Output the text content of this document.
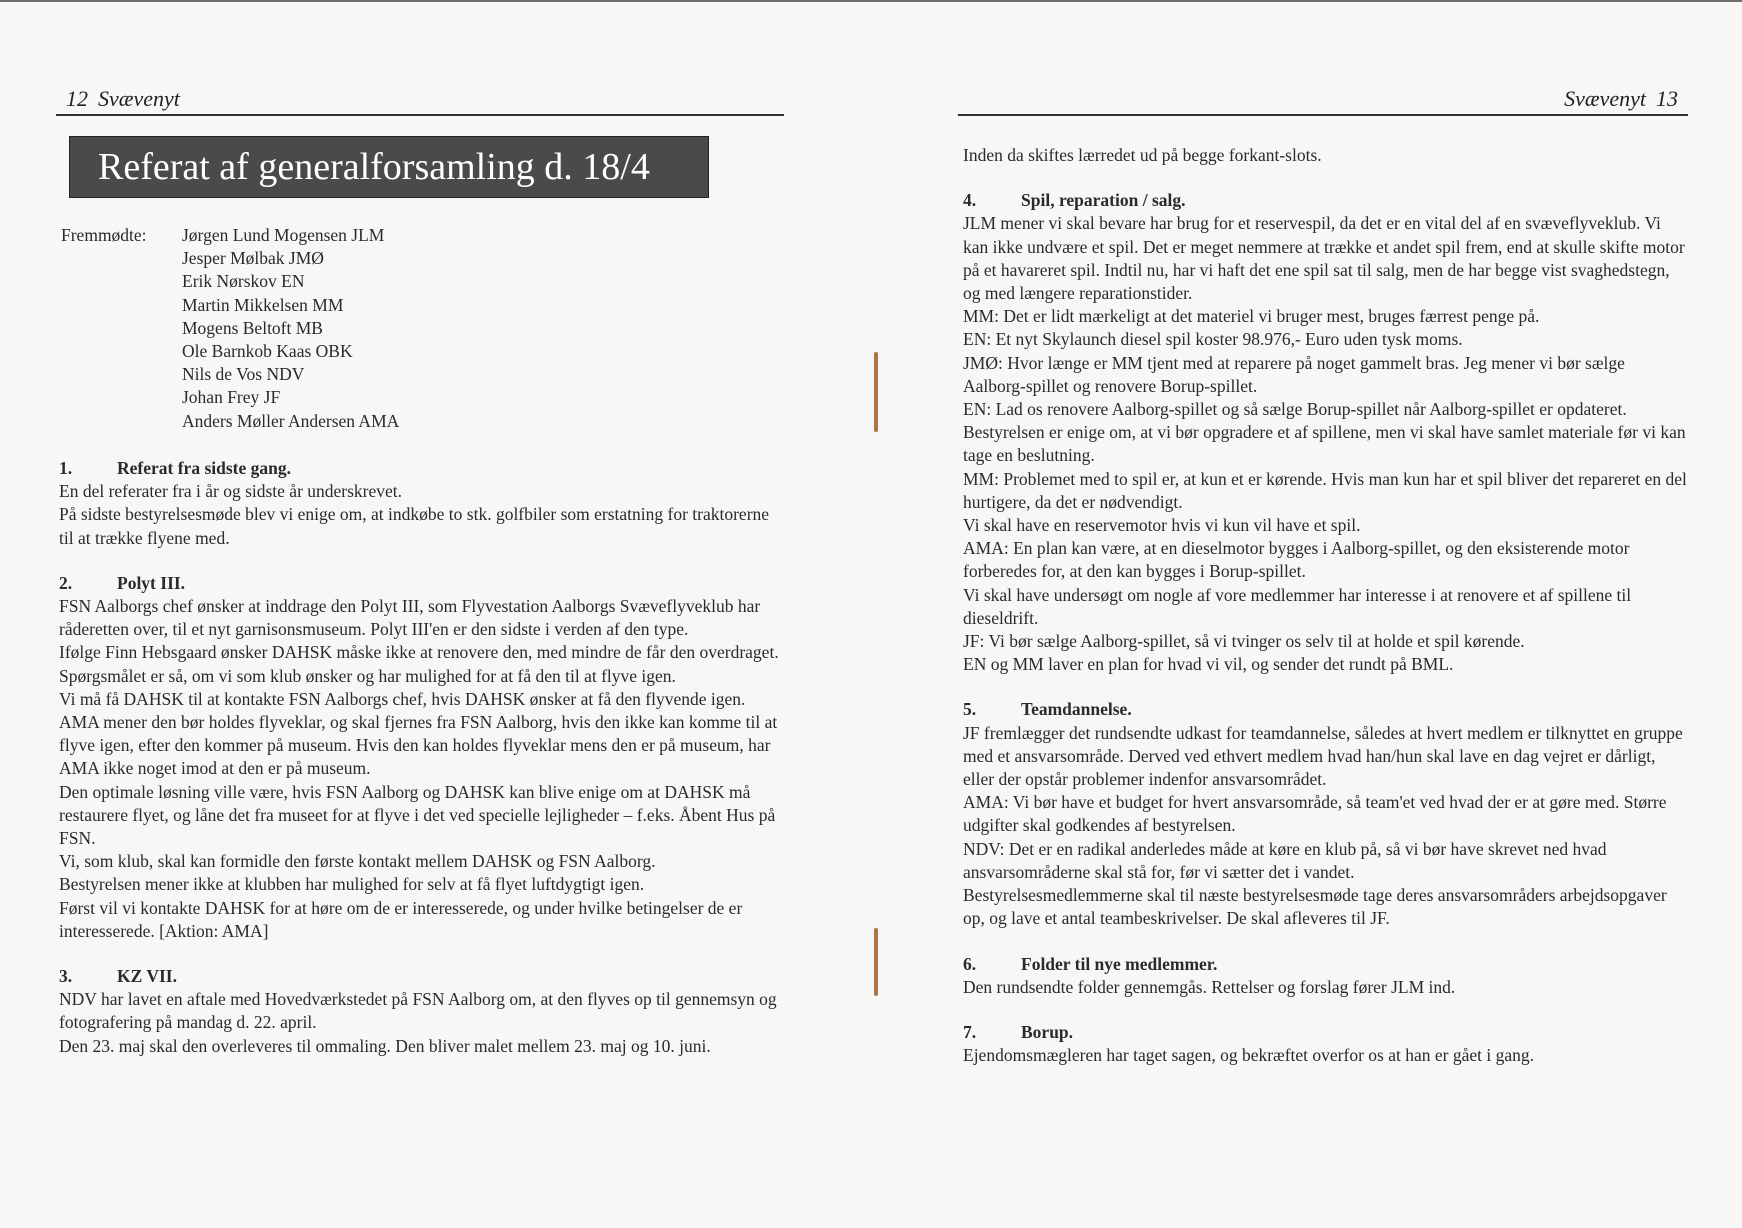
12 Svævenyt
Referat af generalforsamling d. 18/4
Fremmødte:	Jørgen Lund Mogensen JLM
Jesper Mølbak JMØ
Erik Nørskov EN
Martin Mikkelsen MM
Mogens Beltoft MB
Ole Barnkob Kaas OBK
Nils de Vos NDV
Johan Frey JF
Anders Møller Andersen AMA

1.	Referat fra sidste gang.

En del referater fra i år og sidste år underskrevet.

På sidste bestyrelsesmøde blev vi enige om, at indkøbe to stk. golfbiler som erstatning for traktorerne til at trække flyene med.

2.	Polyt III.

FSN Aalborgs chef ønsker at inddrage den Polyt III, som Flyvestation Aalborgs Svæveflyveklub har råderetten over, til et nyt garnisonsmuseum. Polyt III'en er den sidste i verden af den type.

Ifølge Finn Hebsgaard ønsker DAHSK måske ikke at renovere den, med mindre de får den overdraget.

Spørgsmålet er så, om vi som klub ønsker og har mulighed for at få den til at flyve igen.

Vi må få DAHSK til at kontakte FSN Aalborgs chef, hvis DAHSK ønsker at få den flyvende igen.

AMA mener den bør holdes flyveklar, og skal fjernes fra FSN Aalborg, hvis den ikke kan komme til at flyve igen, efter den kommer på museum. Hvis den kan holdes flyveklar mens den er på museum, har AMA ikke noget imod at den er på museum.

Den optimale løsning ville være, hvis FSN Aalborg og DAHSK kan blive enige om at DAHSK må restaurere flyet, og låne det fra museet for at flyve i det ved specielle lejligheder – f.eks. Åbent Hus på FSN.

Vi, som klub, skal kan formidle den første kontakt mellem DAHSK og FSN Aalborg.

Bestyrelsen mener ikke at klubben har mulighed for selv at få flyet luftdygtigt igen.

Først vil vi kontakte DAHSK for at høre om de er interesserede, og under hvilke betingelser de er interesserede. [Aktion: AMA]

3.	KZ VII.

NDV har lavet en aftale med Hovedværkstedet på FSN Aalborg om, at den flyves op til gennemsyn og fotografering på mandag d. 22. april.

Den 23. maj skal den overleveres til ommaling. Den bliver malet mellem 23. maj og 10. juni.

Svævenyt 13

Inden da skiftes lærredet ud på begge forkant-slots.

4.	Spil, reparation / salg.

JLM mener vi skal bevare har brug for et reservespil, da det er en vital del af en svæveflyveklub. Vi kan ikke undvære et spil. Det er meget nemmere at trække et andet spil frem, end at skulle skifte motor på et havareret spil. Indtil nu, har vi haft det ene spil sat til salg, men de har begge vist svaghedstegn, og med længere reparationstider.

MM: Det er lidt mærkeligt at det materiel vi bruger mest, bruges færrest penge på.

EN: Et nyt Skylaunch diesel spil koster 98.976,- Euro uden tysk moms.

JMØ: Hvor længe er MM tjent med at reparere på noget gammelt bras. Jeg mener vi bør sælge Aalborg-spillet og renovere Borup-spillet.

EN: Lad os renovere Aalborg-spillet og så sælge Borup-spillet når Aalborg-spillet er opdateret.

Bestyrelsen er enige om, at vi bør opgradere et af spillene, men vi skal have samlet materiale før vi kan tage en beslutning.

MM: Problemet med to spil er, at kun et er kørende. Hvis man kun har et spil bliver det repareret en del hurtigere, da det er nødvendigt.

Vi skal have en reservemotor hvis vi kun vil have et spil.

AMA: En plan kan være, at en dieselmotor bygges i Aalborg-spillet, og den eksisterende motor forberedes for, at den kan bygges i Borup-spillet.

Vi skal have undersøgt om nogle af vore medlemmer har interesse i at renovere et af spillene til dieseldrift.

JF: Vi bør sælge Aalborg-spillet, så vi tvinger os selv til at holde et spil kørende.

EN og MM laver en plan for hvad vi vil, og sender det rundt på BML.

5.	Teamdannelse.

JF fremlægger det rundsendte udkast for teamdannelse, således at hvert medlem er tilknyttet en gruppe med et ansvarsområde. Derved ved ethvert medlem hvad han/hun skal lave en dag vejret er dårligt, eller der opstår problemer indenfor ansvarsområdet.

AMA: Vi bør have et budget for hvert ansvarsområde, så team'et ved hvad der er at gøre med. Større udgifter skal godkendes af bestyrelsen.

NDV: Det er en radikal anderledes måde at køre en klub på, så vi bør have skrevet ned hvad ansvarsområderne skal stå for, før vi sætter det i vandet.

Bestyrelsesmedlemmerne skal til næste bestyrelsesmøde tage deres ansvarsområders arbejdsopgaver op, og lave et antal teambeskrivelser. De skal afleveres til JF.

6.	Folder til nye medlemmer.

Den rundsendte folder gennemgås. Rettelser og forslag fører JLM ind.

7.	Borup.

Ejendomsmægleren har taget sagen, og bekræftet overfor os at han er gået i gang.
